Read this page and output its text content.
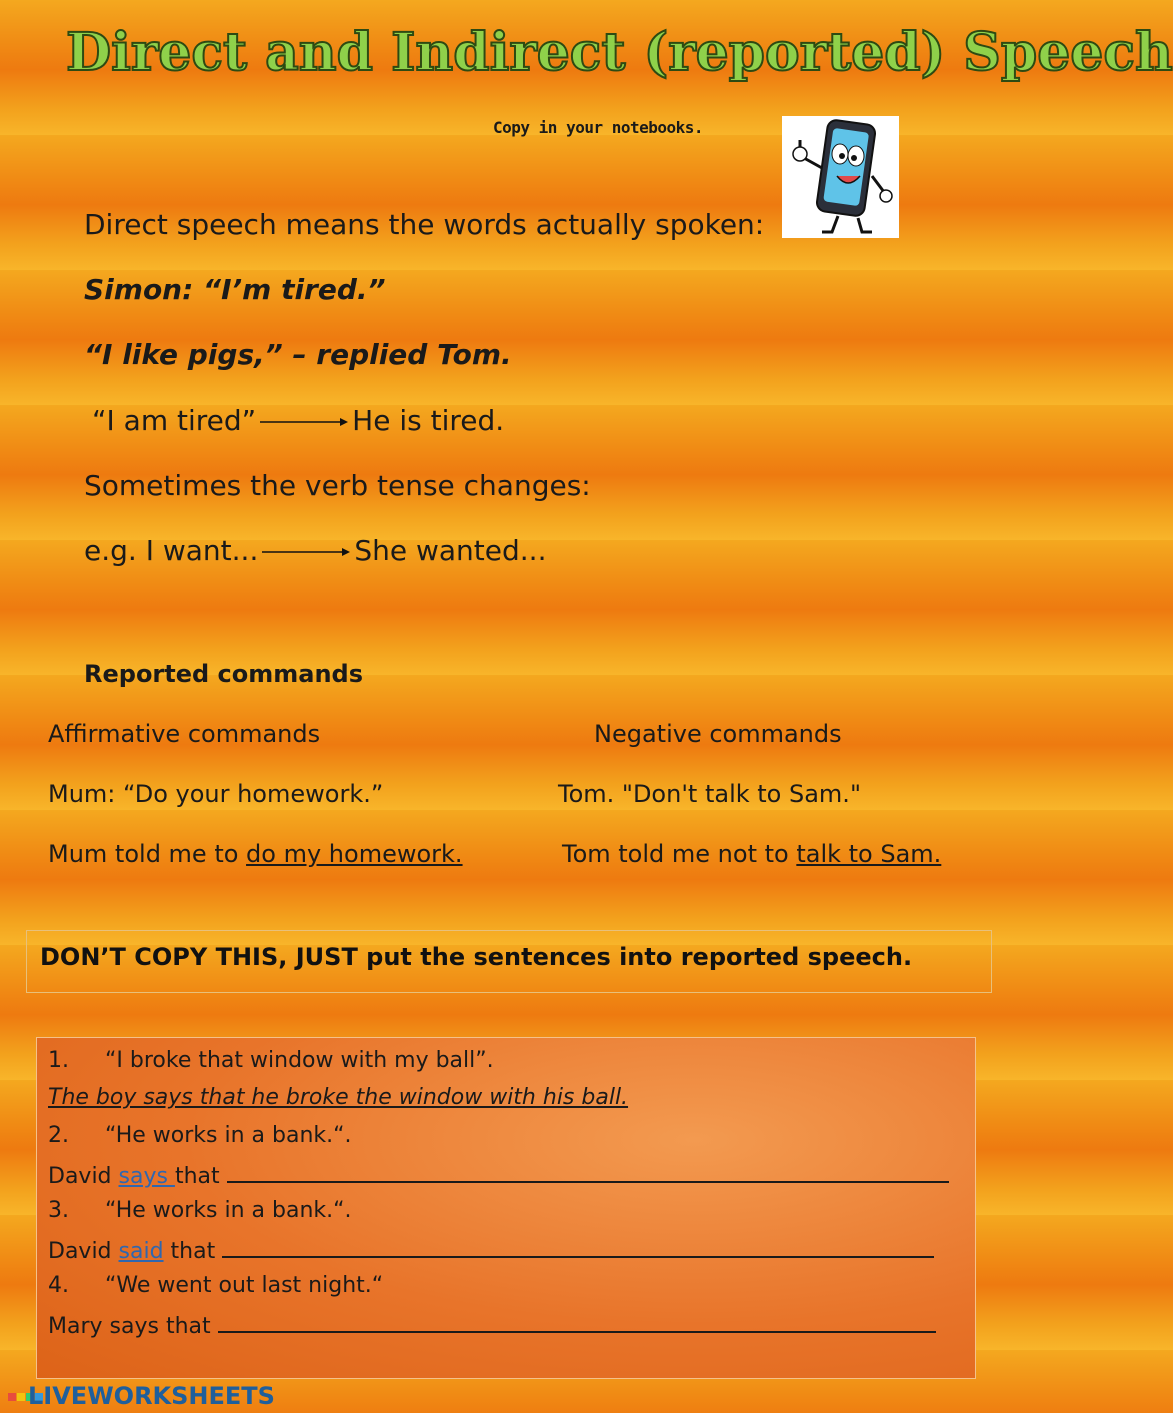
Direct and Indirect (reported) Speech
Copy in your notebooks.
Direct speech means the words actually spoken:
Simon: “I’m tired.”
“I like pigs,” – replied Tom.
“I am tired”	He is tired.
Sometimes the verb tense changes:
e.g. I want...	She wanted...
Reported commands
Affirmative commands	Negative commands
Mum: “Do your homework.”	Tom. "Don't talk to Sam."
Mum told me to do my homework.	Tom told me not to talk to Sam.
DON’T COPY THIS, JUST put the sentences into reported speech.
1. “I broke that window with my ball”.
The boy says that he broke the window with his ball.
2. “He works in a bank.“.
David says that
3. “He works in a bank.“.
David said that
4. “We went out last night.“
Mary says that
LIVEWORKSHEETS
